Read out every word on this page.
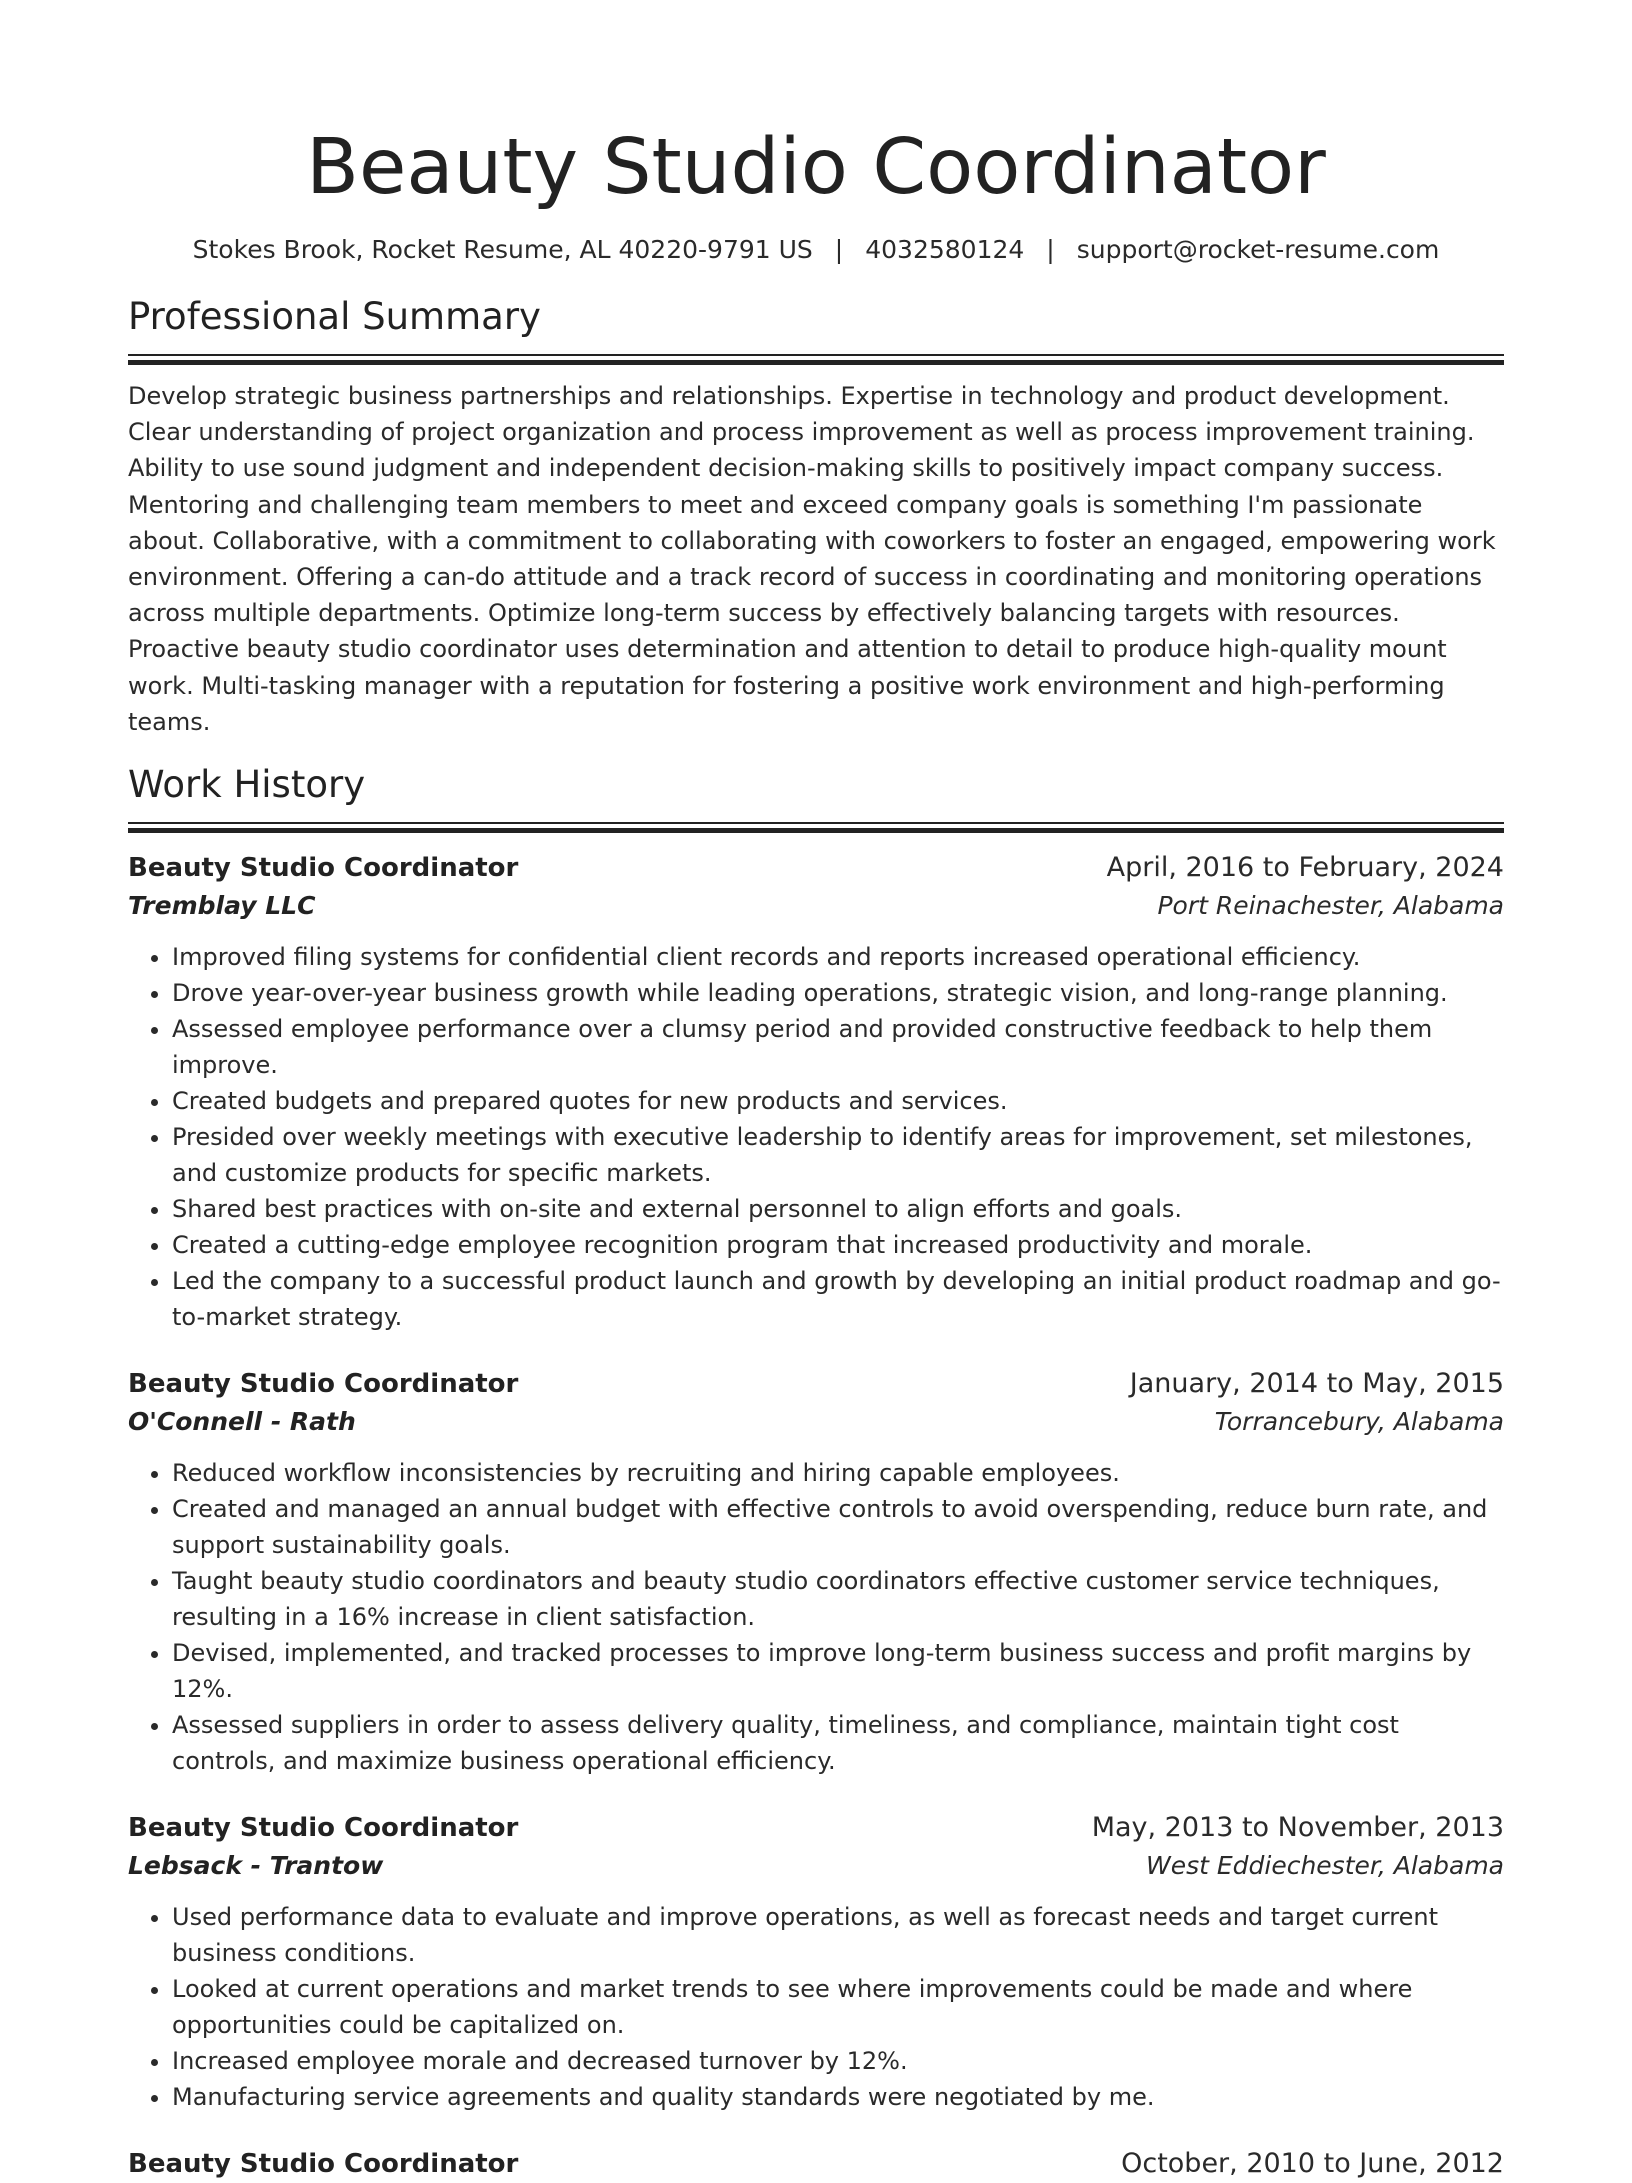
Beauty Studio Coordinator
Stokes Brook, Rocket Resume, AL 40220-9791 US | 4032580124 | support@rocket-resume.com
Professional Summary

Develop strategic business partnerships and relationships. Expertise in technology and product development. Clear understanding of project organization and process improvement as well as process improvement training. Ability to use sound judgment and independent decision-making skills to positively impact company success. Mentoring and challenging team members to meet and exceed company goals is something I'm passionate about. Collaborative, with a commitment to collaborating with coworkers to foster an engaged, empowering work environment. Offering a can-do attitude and a track record of success in coordinating and monitoring operations across multiple departments. Optimize long-term success by effectively balancing targets with resources. Proactive beauty studio coordinator uses determination and attention to detail to produce high-quality mount work. Multi-tasking manager with a reputation for fostering a positive work environment and high-performing teams.

Work History
Beauty Studio Coordinator	April, 2016 to February, 2024
Tremblay LLC	Port Reinachester, Alabama
• Improved filing systems for confidential client records and reports increased operational efficiency.
• Drove year-over-year business growth while leading operations, strategic vision, and long-range planning.
• Assessed employee performance over a clumsy period and provided constructive feedback to help them improve.
• Created budgets and prepared quotes for new products and services.
• Presided over weekly meetings with executive leadership to identify areas for improvement, set milestones, and customize products for specific markets.
• Shared best practices with on-site and external personnel to align efforts and goals.
• Created a cutting-edge employee recognition program that increased productivity and morale.
• Led the company to a successful product launch and growth by developing an initial product roadmap and go-to-market strategy.
Beauty Studio Coordinator	January, 2014 to May, 2015
O'Connell - Rath	Torrancebury, Alabama
• Reduced workflow inconsistencies by recruiting and hiring capable employees.
• Created and managed an annual budget with effective controls to avoid overspending, reduce burn rate, and support sustainability goals.
• Taught beauty studio coordinators and beauty studio coordinators effective customer service techniques, resulting in a 16% increase in client satisfaction.
• Devised, implemented, and tracked processes to improve long-term business success and profit margins by 12%.
• Assessed suppliers in order to assess delivery quality, timeliness, and compliance, maintain tight cost controls, and maximize business operational efficiency.
Beauty Studio Coordinator	May, 2013 to November, 2013
Lebsack - Trantow	West Eddiechester, Alabama
• Used performance data to evaluate and improve operations, as well as forecast needs and target current business conditions.
• Looked at current operations and market trends to see where improvements could be made and where opportunities could be capitalized on.
• Increased employee morale and decreased turnover by 12%.
• Manufacturing service agreements and quality standards were negotiated by me.
Beauty Studio Coordinator	October, 2010 to June, 2012
